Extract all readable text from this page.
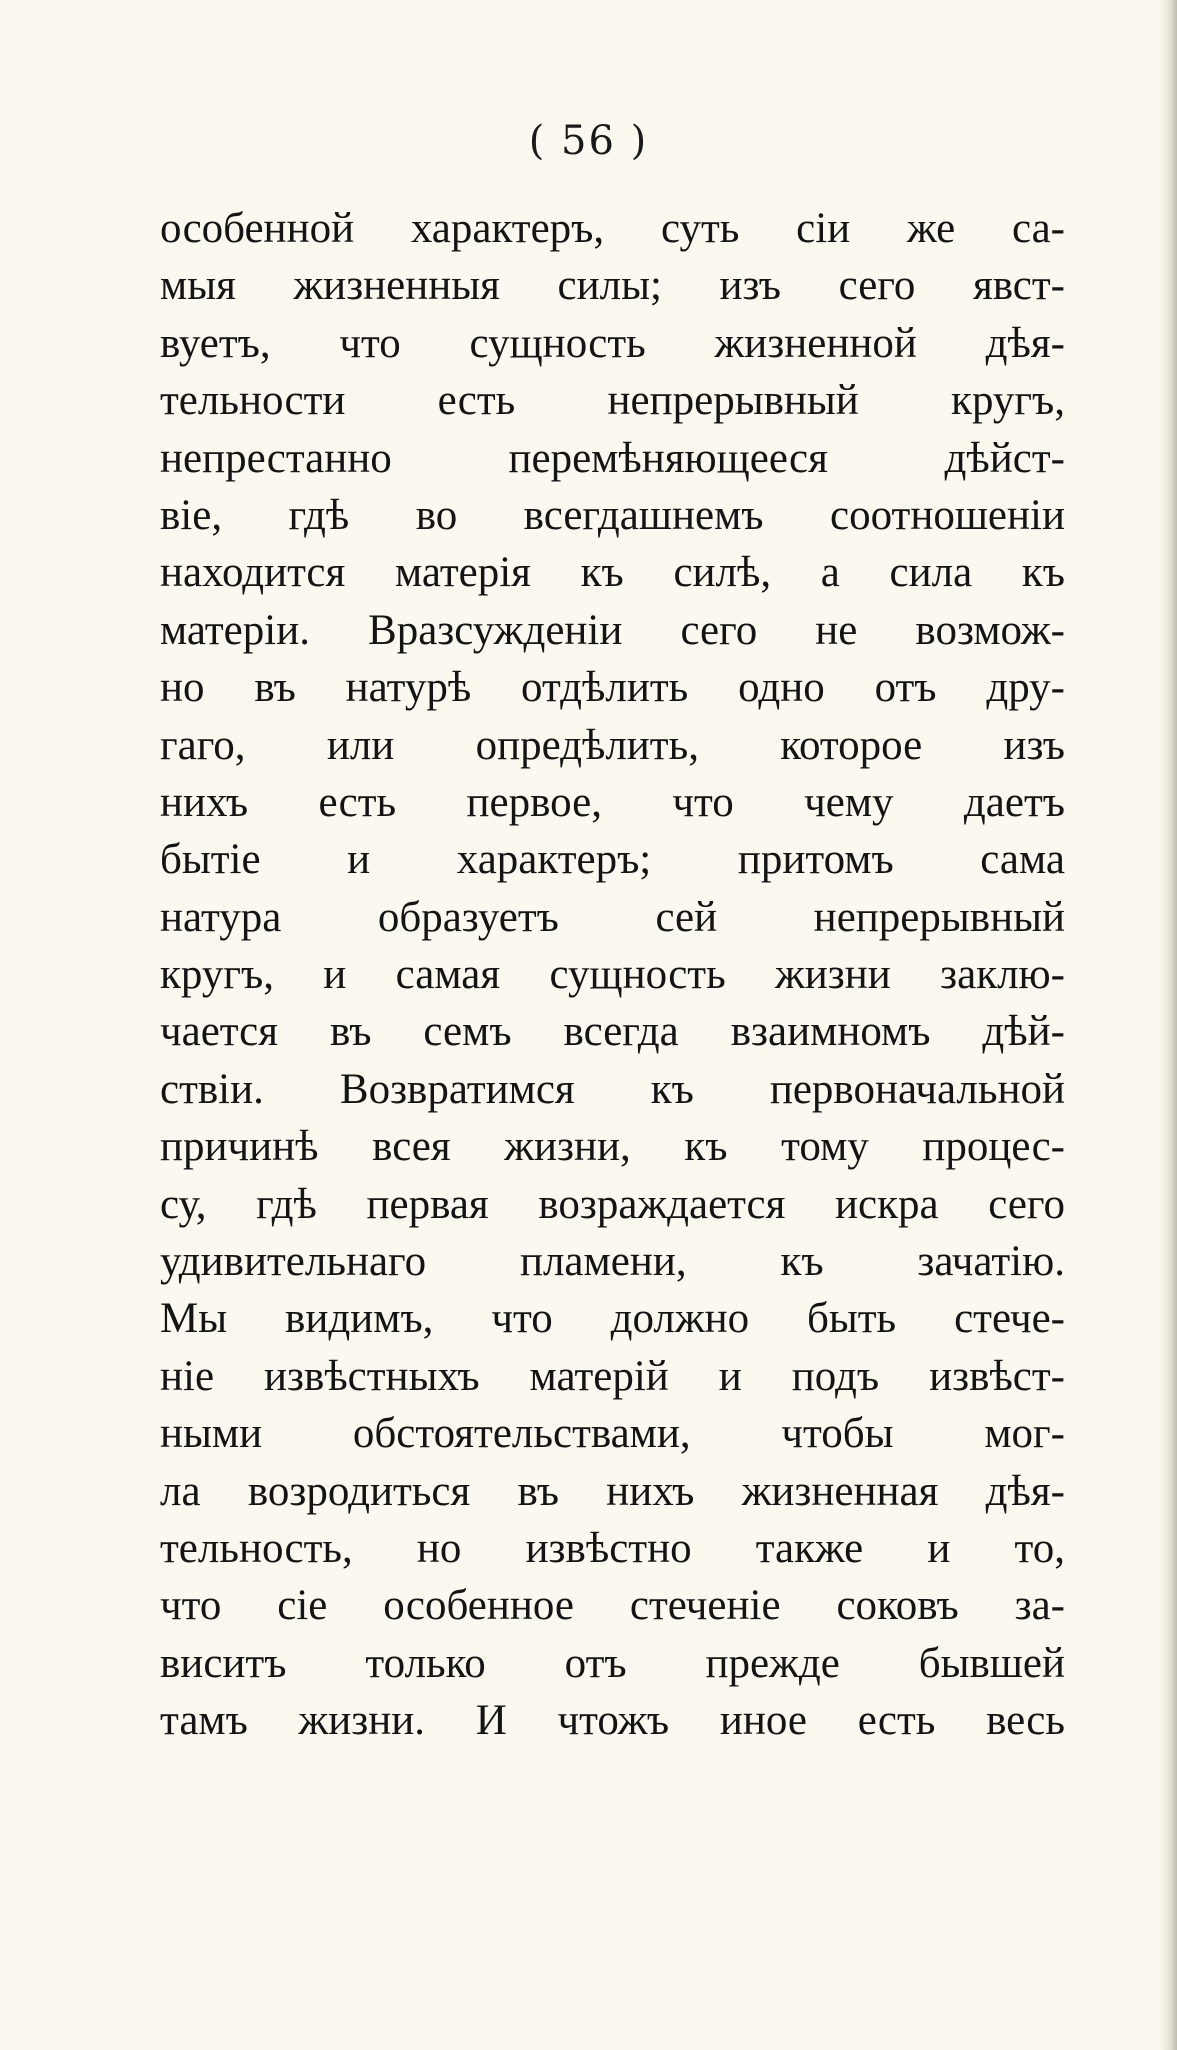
( 56 )
особенной характеръ, суть сіи же са-
мыя жизненныя силы; изъ сего явст-
вуетъ, что сущность жизненной дѣя-
тельности есть непрерывный кругъ,
непрестанно перемѣняющееся дѣйст-
віе, гдѣ во всегдашнемъ соотношеніи
находится матерія къ силѣ, а сила къ
матеріи. Вразсужденіи сего не возмож-
но въ натурѣ отдѣлить одно отъ дру-
гаго, или опредѣлить, которое изъ
нихъ есть первое, что чему даетъ
бытіе и характеръ; притомъ сама
натура образуетъ сей непрерывный
кругъ, и самая сущность жизни заклю-
чается въ семъ всегда взаимномъ дѣй-
ствіи. Возвратимся къ первоначальной
причинѣ всея жизни, къ тому процес-
су, гдѣ первая возраждается искра сего
удивительнаго пламени, къ зачатію.
Мы видимъ, что должно быть стече-
ніе извѣстныхъ матерій и подъ извѣст-
ными обстоятельствами, чтобы мог-
ла возродиться въ нихъ жизненная дѣя-
тельность, но извѣстно также и то,
что сіе особенное стеченіе соковъ за-
виситъ только отъ прежде бывшей
тамъ жизни. И чтожъ иное есть весь
